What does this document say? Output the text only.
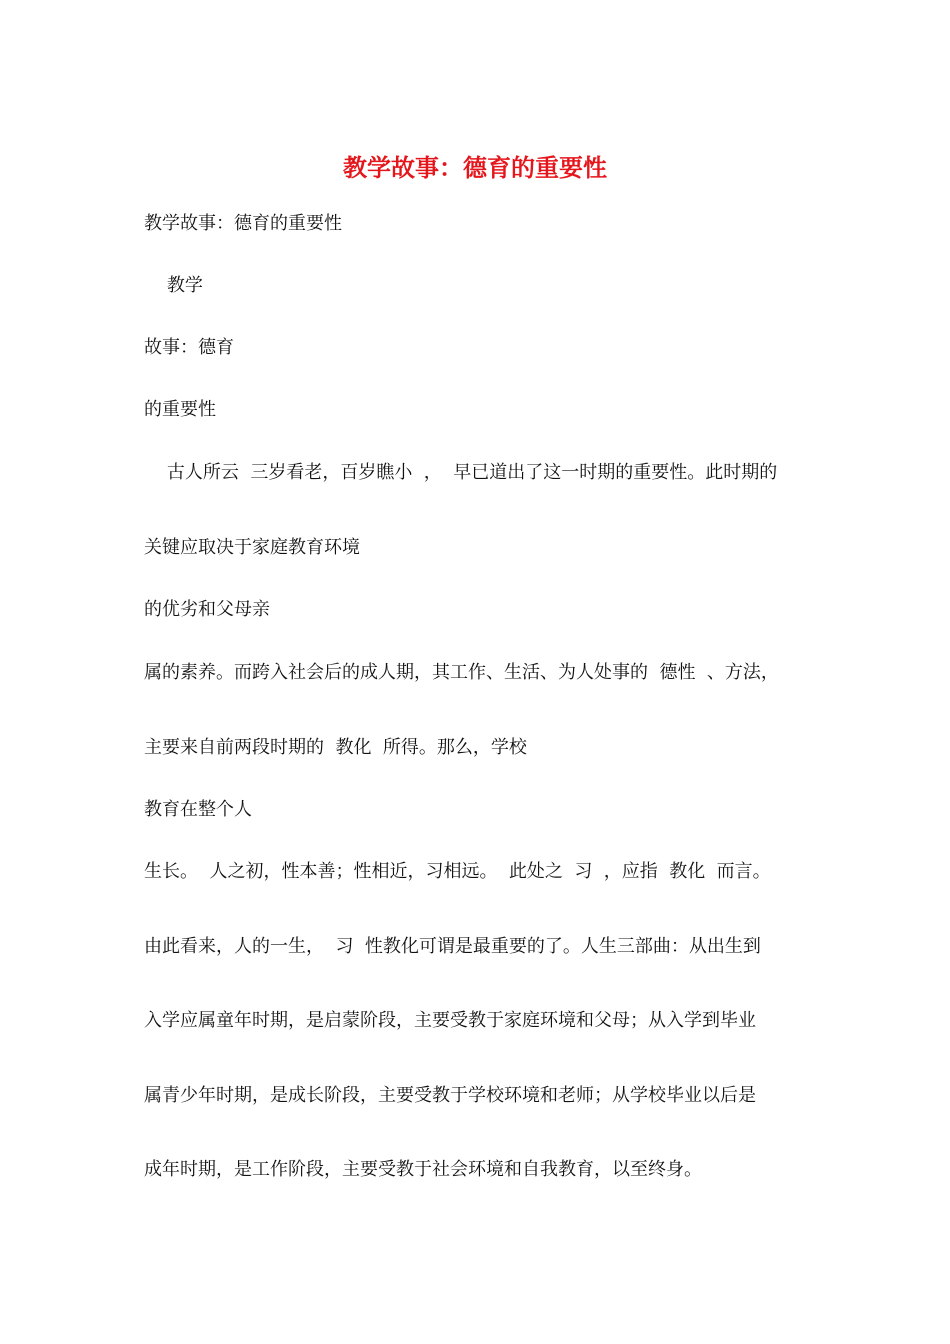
教学故事：德育的重要性
教学故事：德育的重要性
教学
故事：德育
的重要性
古人所云  三岁看老，百岁瞧小  ，  早已道出了这一时期的重要性。此时期的
关键应取决于家庭教育环境
的优劣和父母亲
属的素养。而跨入社会后的成人期，其工作、生活、为人处事的  德性  、方法，
主要来自前两段时期的  教化  所得。那么，学校
教育在整个人
生长。  人之初，性本善；性相近，习相远。  此处之  习  ，应指  教化  而言。
由此看来，人的一生，  习  性教化可谓是最重要的了。人生三部曲：从出生到
入学应属童年时期，是启蒙阶段，主要受教于家庭环境和父母；从入学到毕业
属青少年时期，是成长阶段，主要受教于学校环境和老师；从学校毕业以后是
成年时期，是工作阶段，主要受教于社会环境和自我教育，以至终身。
